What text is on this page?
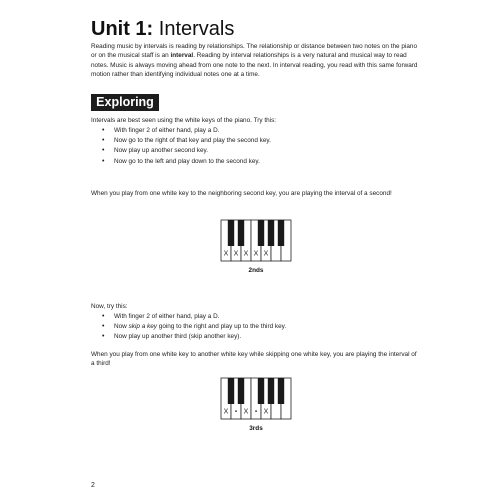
Unit 1: Intervals

Reading music by intervals is reading by relationships. The relationship or distance between two notes on the piano or on the musical staff is an interval. Reading by interval relationships is a very natural and musical way to read notes. Music is always moving ahead from one note to the next. In interval reading, you read with this same forward motion rather than identifying individual notes one at a time.

Exploring

Intervals are best seen using the white keys of the piano. Try this:

• With finger 2 of either hand, play a D.
• Now go to the right of that key and play the second key.
• Now play up another second key.
• Now go to the left and play down to the second key.

When you play from one white key to the neighboring second key, you are playing the interval of a second!

X X X X X
2nds

Now, try this:

• With finger 2 of either hand, play a D.
• Now skip a key going to the right and play up to the third key.
• Now play up another third (skip another key).

When you play from one white key to another white key while skipping one white key, you are playing the interval of a third!

X • X • X
3rds
2
